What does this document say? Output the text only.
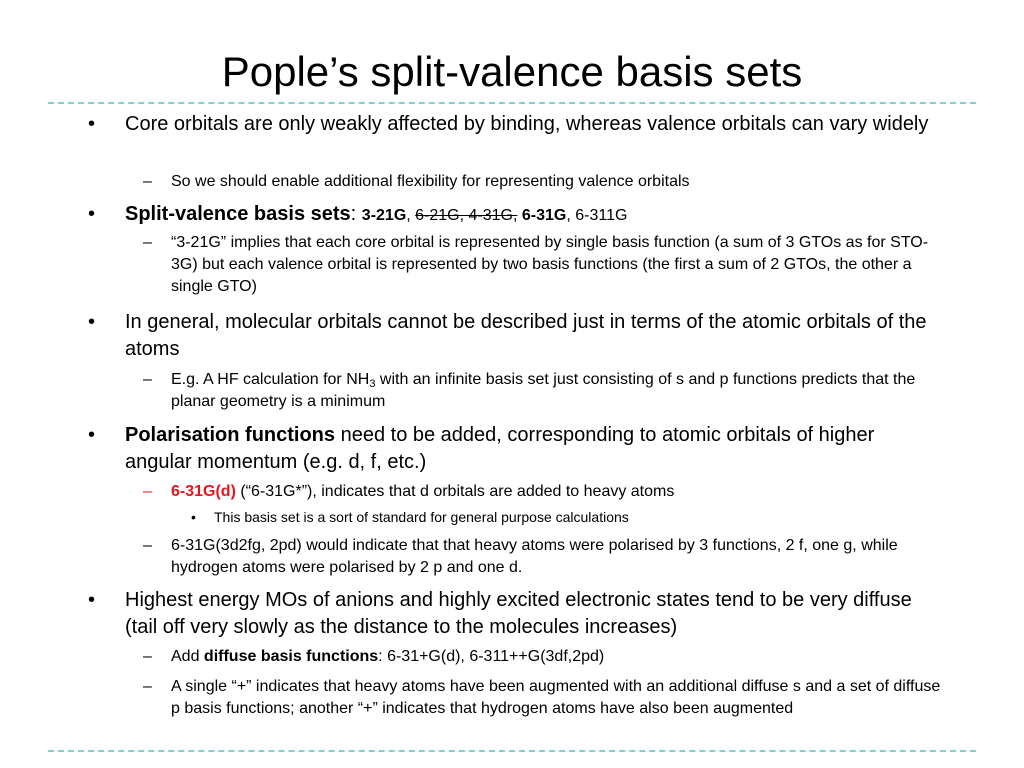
Pople’s split-valence basis sets
• Core orbitals are only weakly affected by binding, whereas valence orbitals can vary widely

– So we should enable additional flexibility for representing valence orbitals

• Split-valence basis sets: 3-21G, 6-21G, 4-31G, 6-31G, 6-311G

– “3-21G” implies that each core orbital is represented by single basis function (a sum of 3 GTOs as for STO-3G) but each valence orbital is represented by two basis functions (the first a sum of 2 GTOs, the other a single GTO)

• In general, molecular orbitals cannot be described just in terms of the atomic orbitals of the atoms

– E.g. A HF calculation for $NH_3$ with an infinite basis set just consisting of s and p functions predicts that the planar geometry is a minimum

• Polarisation functions need to be added, corresponding to atomic orbitals of higher angular momentum (e.g. d, f, etc.)

– 6-31G(d) (“6-31G*”), indicates that d orbitals are added to heavy atoms

• This basis set is a sort of standard for general purpose calculations

– 6-31G(3d2fg, 2pd) would indicate that that heavy atoms were polarised by 3 functions, 2 f, one g, while hydrogen atoms were polarised by 2 p and one d.

• Highest energy MOs of anions and highly excited electronic states tend to be very diffuse (tail off very slowly as the distance to the molecules increases)

– Add diffuse basis functions: 6-31+G(d), 6-311++G(3df,2pd)

– A single “+” indicates that heavy atoms have been augmented with an additional diffuse s and a set of diffuse p basis functions; another “+” indicates that hydrogen atoms have also been augmented
